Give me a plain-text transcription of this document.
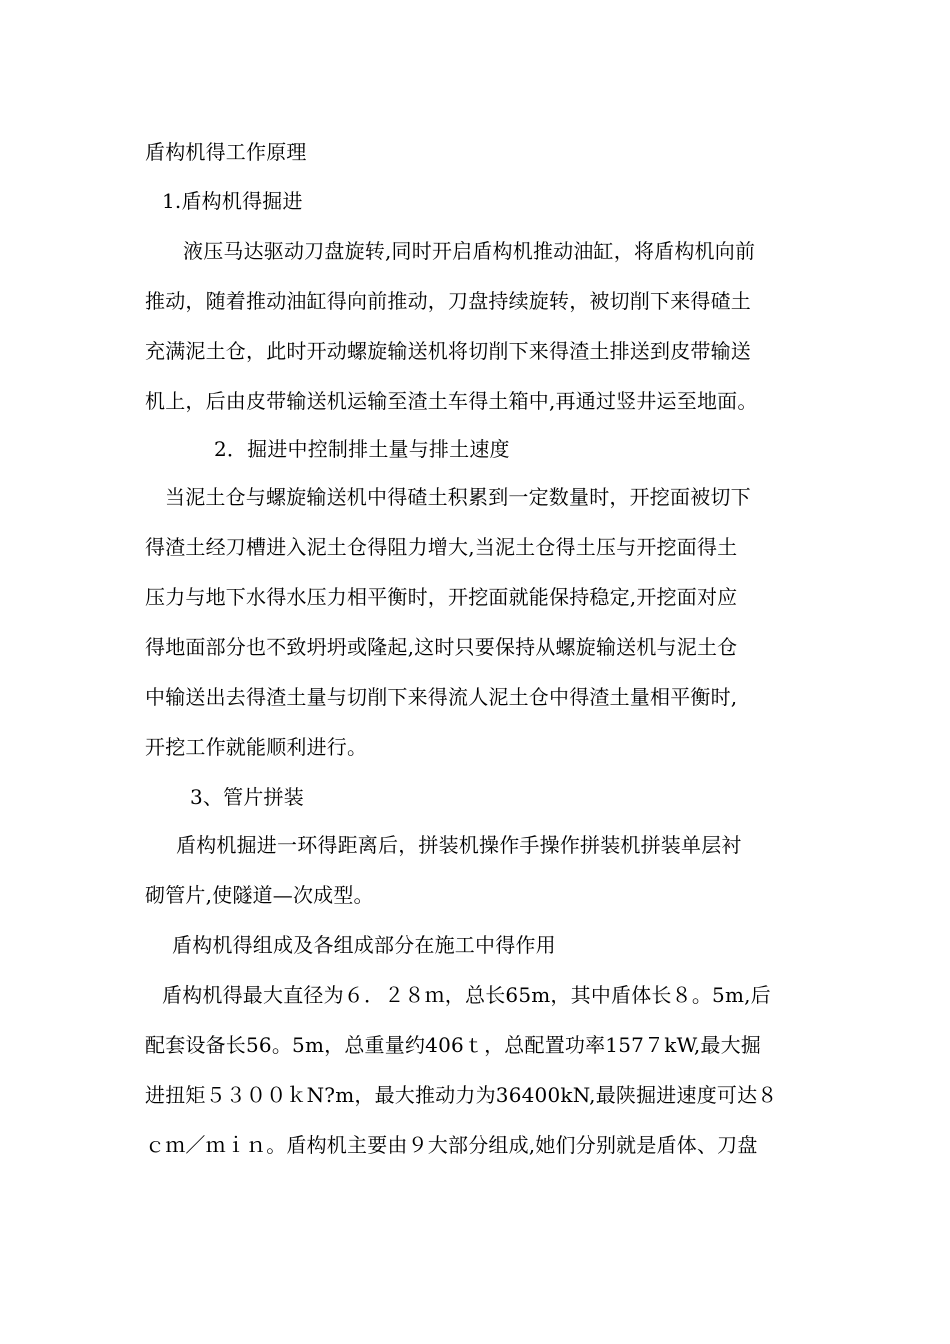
盾构机得工作原理
1.盾构机得掘进
液压马达驱动刀盘旋转,同时开启盾构机推动油缸，将盾构机向前
推动，随着推动油缸得向前推动，刀盘持续旋转，被切削下来得碴土
充满泥土仓，此时开动螺旋输送机将切削下来得渣土排送到皮带输送
机上，后由皮带输送机运输至渣土车得土箱中,再通过竖井运至地面。
2．掘进中控制排土量与排土速度
当泥土仓与螺旋输送机中得碴土积累到一定数量时，开挖面被切下
得渣土经刀槽进入泥土仓得阻力增大,当泥土仓得土压与开挖面得土
压力与地下水得水压力相平衡时，开挖面就能保持稳定,开挖面对应
得地面部分也不致坍坍或隆起,这时只要保持从螺旋输送机与泥土仓
中输送出去得渣土量与切削下来得流人泥土仓中得渣土量相平衡时,
开挖工作就能顺利进行。
3、管片拼装
盾构机掘进一环得距离后，拼装机操作手操作拼装机拼装单层衬
砌管片,使隧道—次成型。
盾构机得组成及各组成部分在施工中得作用
盾构机得最大直径为６．２８ｍ，总长65m，其中盾体长８。5m,后
配套设备长56。5m，总重量约406ｔ，总配置功率157７kW,最大掘
进扭矩５３００ｋN?m，最大推动力为36400kN,最陕掘进速度可达８
ｃｍ／ｍｉｎ。盾构机主要由９大部分组成,她们分别就是盾体、刀盘
